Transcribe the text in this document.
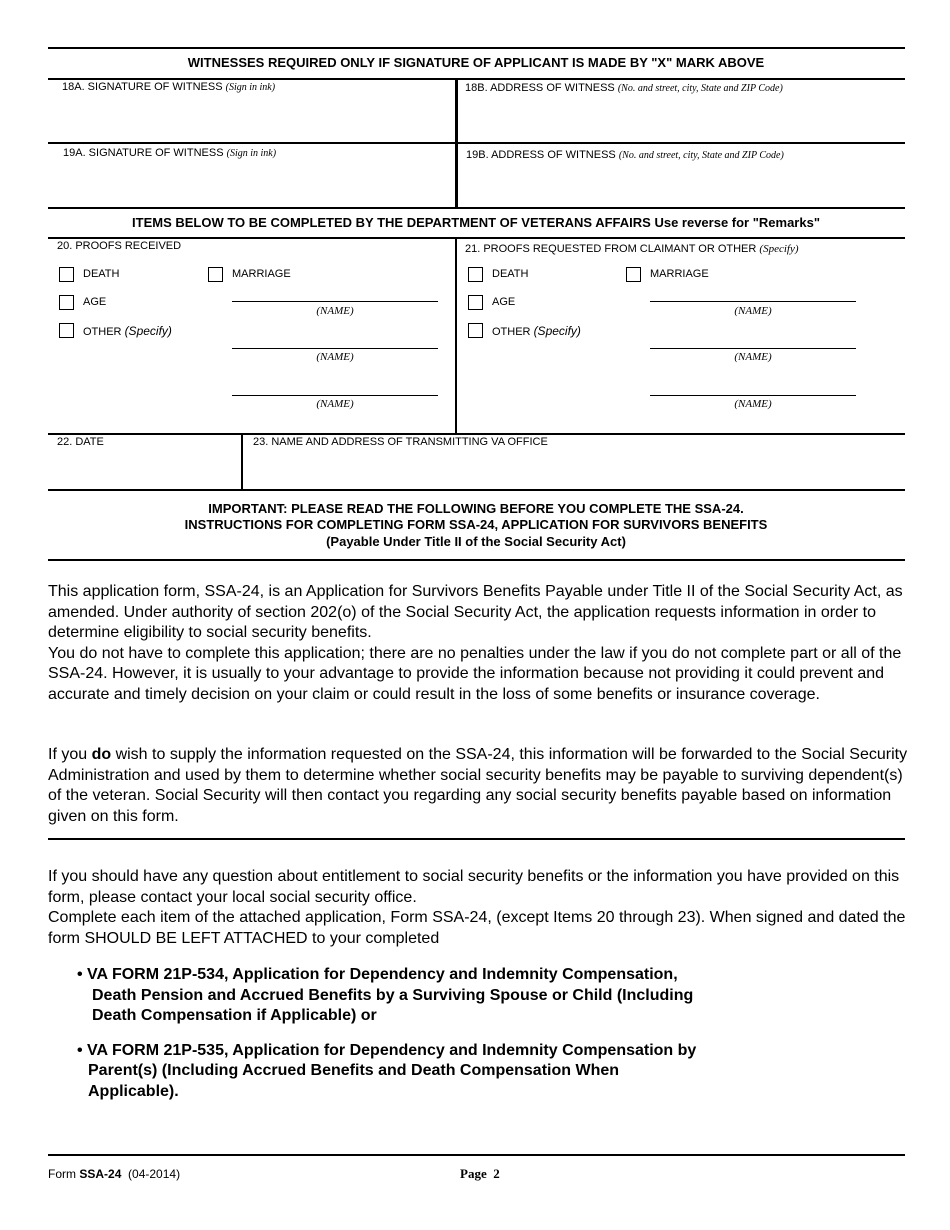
WITNESSES REQUIRED ONLY IF SIGNATURE OF APPLICANT IS MADE BY "X" MARK ABOVE
18A. SIGNATURE OF WITNESS (Sign in ink)	18B. ADDRESS OF WITNESS (No. and street, city, State and ZIP Code)
19A. SIGNATURE OF WITNESS (Sign in ink)	19B. ADDRESS OF WITNESS (No. and street, city, State and ZIP Code)
ITEMS BELOW TO BE COMPLETED BY THE DEPARTMENT OF VETERANS AFFAIRS Use reverse for "Remarks"
20. PROOFS RECEIVED
DEATH	MARRIAGE
AGE
OTHER (Specify)
(NAME)
(NAME)
(NAME)
21. PROOFS REQUESTED FROM CLAIMANT OR OTHER (Specify)
DEATH	MARRIAGE
AGE
OTHER (Specify)
(NAME)
(NAME)
(NAME)
22. DATE	23. NAME AND ADDRESS OF TRANSMITTING VA OFFICE
IMPORTANT: PLEASE READ THE FOLLOWING BEFORE YOU COMPLETE THE SSA-24.
INSTRUCTIONS FOR COMPLETING FORM SSA-24, APPLICATION FOR SURVIVORS BENEFITS
(Payable Under Title II of the Social Security Act)

This application form, SSA-24, is an Application for Survivors Benefits Payable under Title II of the Social Security Act, as amended. Under authority of section 202(o) of the Social Security Act, the application requests information in order to determine eligibility to social security benefits.

You do not have to complete this application; there are no penalties under the law if you do not complete part or all of the SSA-24. However, it is usually to your advantage to provide the information because not providing it could prevent and accurate and timely decision on your claim or could result in the loss of some benefits or insurance coverage.

If you do wish to supply the information requested on the SSA-24, this information will be forwarded to the Social Security Administration and used by them to determine whether social security benefits may be payable to surviving dependent(s) of the veteran. Social Security will then contact you regarding any social security benefits payable based on information given on this form.

If you should have any question about entitlement to social security benefits or the information you have provided on this form, please contact your local social security office.

Complete each item of the attached application, Form SSA-24, (except Items 20 through 23). When signed and dated the form SHOULD BE LEFT ATTACHED to your completed

• VA FORM 21P-534, Application for Dependency and Indemnity Compensation,
Death Pension and Accrued Benefits by a Surviving Spouse or Child (Including
Death Compensation if Applicable) or
• VA FORM 21P-535, Application for Dependency and Indemnity Compensation by
Parent(s) (Including Accrued Benefits and Death Compensation When
Applicable).
Form SSA-24 (04-2014)	Page  2
